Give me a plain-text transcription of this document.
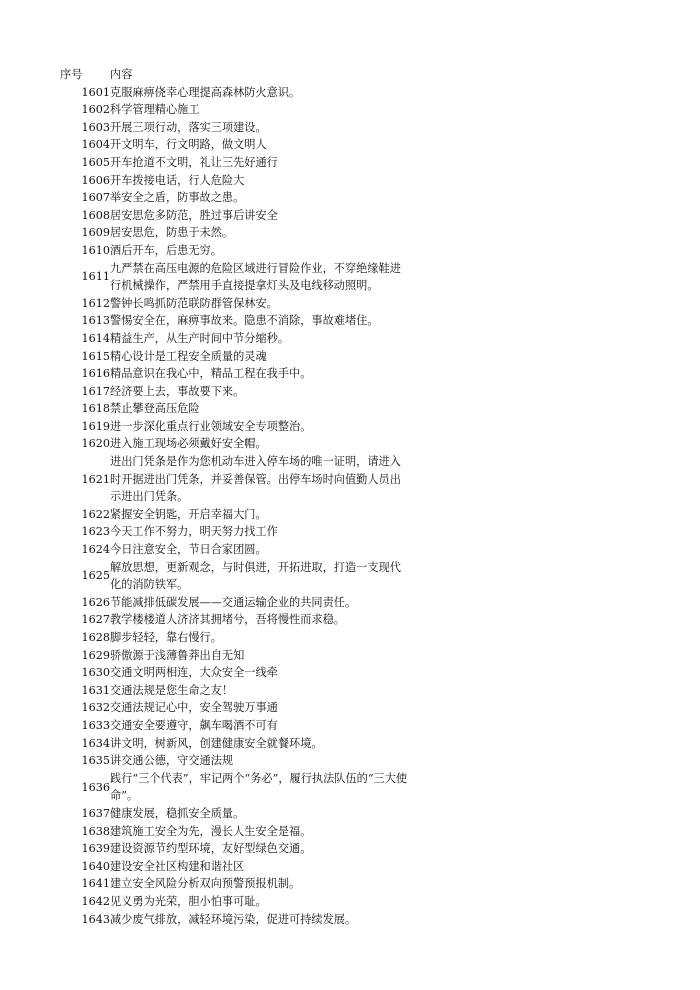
序号	内容
1601	克服麻痹侥幸心理提高森林防火意识。
1602	科学管理精心施工
1603	开展三项行动，落实三项建设。
1604	开文明车，行文明路，做文明人
1605	开车抢道不文明，礼让三先好通行
1606	开车拨接电话，行人危险大
1607	举安全之盾，防事故之患。
1608	居安思危多防范，胜过事后讲安全
1609	居安思危，防患于未然。
1610	酒后开车，后患无穷。
1611	九严禁在高压电源的危险区域进行冒险作业，不穿绝缘鞋进行机械操作，严禁用手直接提拿灯头及电线移动照明。
1612	警钟长鸣抓防范联防群管保林安。
1613	警惕安全在，麻痹事故来。隐患不消除，事故难堵住。
1614	精益生产，从生产时间中节分缩秒。
1615	精心设计是工程安全质量的灵魂
1616	精品意识在我心中，精品工程在我手中。
1617	经济要上去，事故要下来。
1618	禁止攀登高压危险
1619	进一步深化重点行业领域安全专项整治。
1620	进入施工现场必须戴好安全帽。
1621	进出门凭条是作为您机动车进入停车场的唯一证明，请进入时开据进出门凭条，并妥善保管。出停车场时向值勤人员出示进出门凭条。
1622	紧握安全钥匙，开启幸福大门。
1623	今天工作不努力，明天努力找工作
1624	今日注意安全，节日合家团圆。
1625	解放思想，更新观念，与时俱进，开拓进取，打造一支现代化的消防铁军。
1626	节能减排低碳发展——交通运输企业的共同责任。
1627	教学楼楼道人济济其拥堵兮，吾将慢性而求稳。
1628	脚步轻轻，靠右慢行。
1629	骄傲源于浅薄鲁莽出自无知
1630	交通文明两相连，大众安全一线牵
1631	交通法规是您生命之友！
1632	交通法规记心中，安全驾驶万事通
1633	交通安全要遵守，飙车喝酒不可有
1634	讲文明，树新风，创建健康安全就餐环境。
1635	讲交通公德，守交通法规
1636	践行“三个代表”，牢记两个“务必”，履行执法队伍的“三大使命”。
1637	健康发展，稳抓安全质量。
1638	建筑施工安全为先，漫长人生安全是福。
1639	建设资源节约型环境，友好型绿色交通。
1640	建设安全社区构建和谐社区
1641	建立安全风险分析双向预警预报机制。
1642	见义勇为光荣，胆小怕事可耻。
1643	减少废气排放，减轻环境污染，促进可持续发展。
